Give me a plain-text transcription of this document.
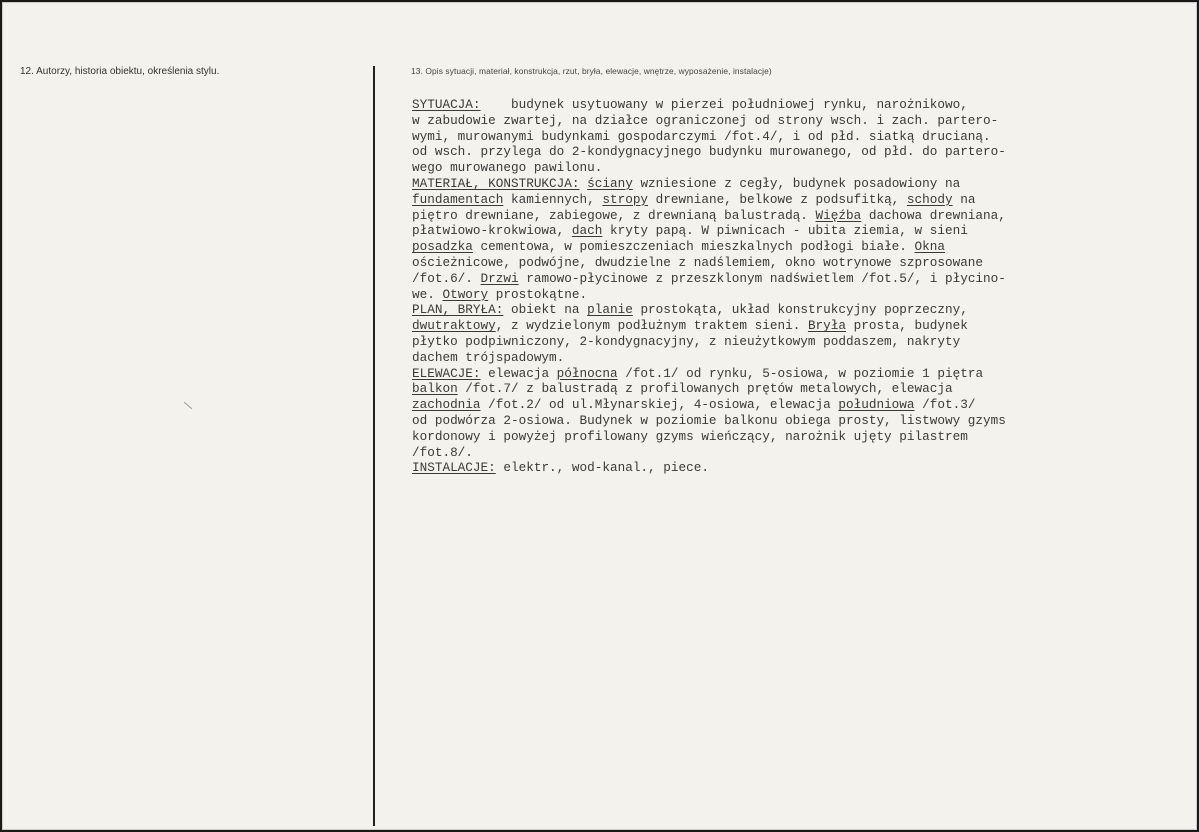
12. Autorzy, historia obiektu, określenia stylu.	13. Opis sytuacji, materiał, konstrukcja, rzut, bryła, elewacje, wnętrze, wyposażenie, instalacje)
SYTUACJA:    budynek usytuowany w pierzei południowej rynku, narożnikowo,
w zabudowie zwartej, na działce ograniczonej od strony wsch. i zach. partero-
wymi, murowanymi budynkami gospodarczymi /fot.4/, i od płd. siatką drucianą.
od wsch. przylega do 2-kondygnacyjnego budynku murowanego, od płd. do partero-
wego murowanego pawilonu.
MATERIAŁ, KONSTRUKCJA: ściany wzniesione z cegły, budynek posadowiony na
fundamentach kamiennych, stropy drewniane, belkowe z podsufitką, schody na
piętro drewniane, zabiegowe, z drewnianą balustradą. Więźba dachowa drewniana,
płatwiowo-krokwiowa, dach kryty papą. W piwnicach - ubita ziemia, w sieni
posadzka cementowa, w pomieszczeniach mieszkalnych podłogi białe. Okna
ościeżnicowe, podwójne, dwudzielne z nadślemiem, okno wotrynowe szprosowane
/fot.6/. Drzwi ramowo-płycinowe z przeszklonym nadświetlem /fot.5/, i płycino-
we. Otwory prostokątne.
PLAN, BRYŁA: obiekt na planie prostokąta, układ konstrukcyjny poprzeczny,
dwutraktowy, z wydzielonym podłużnym traktem sieni. Bryła prosta, budynek
płytko podpiwniczony, 2-kondygnacyjny, z nieużytkowym poddaszem, nakryty
dachem trójspadowym.
ELEWACJE: elewacja północna /fot.1/ od rynku, 5-osiowa, w poziomie 1 piętra
balkon /fot.7/ z balustradą z profilowanych prętów metalowych, elewacja
zachodnia /fot.2/ od ul.Młynarskiej, 4-osiowa, elewacja południowa /fot.3/
od podwórza 2-osiowa. Budynek w poziomie balkonu obiega prosty, listwowy gzyms
kordonowy i powyżej profilowany gzyms wieńczący, narożnik ujęty pilastrem
/fot.8/.
INSTALACJE: elektr., wod-kanal., piece.
